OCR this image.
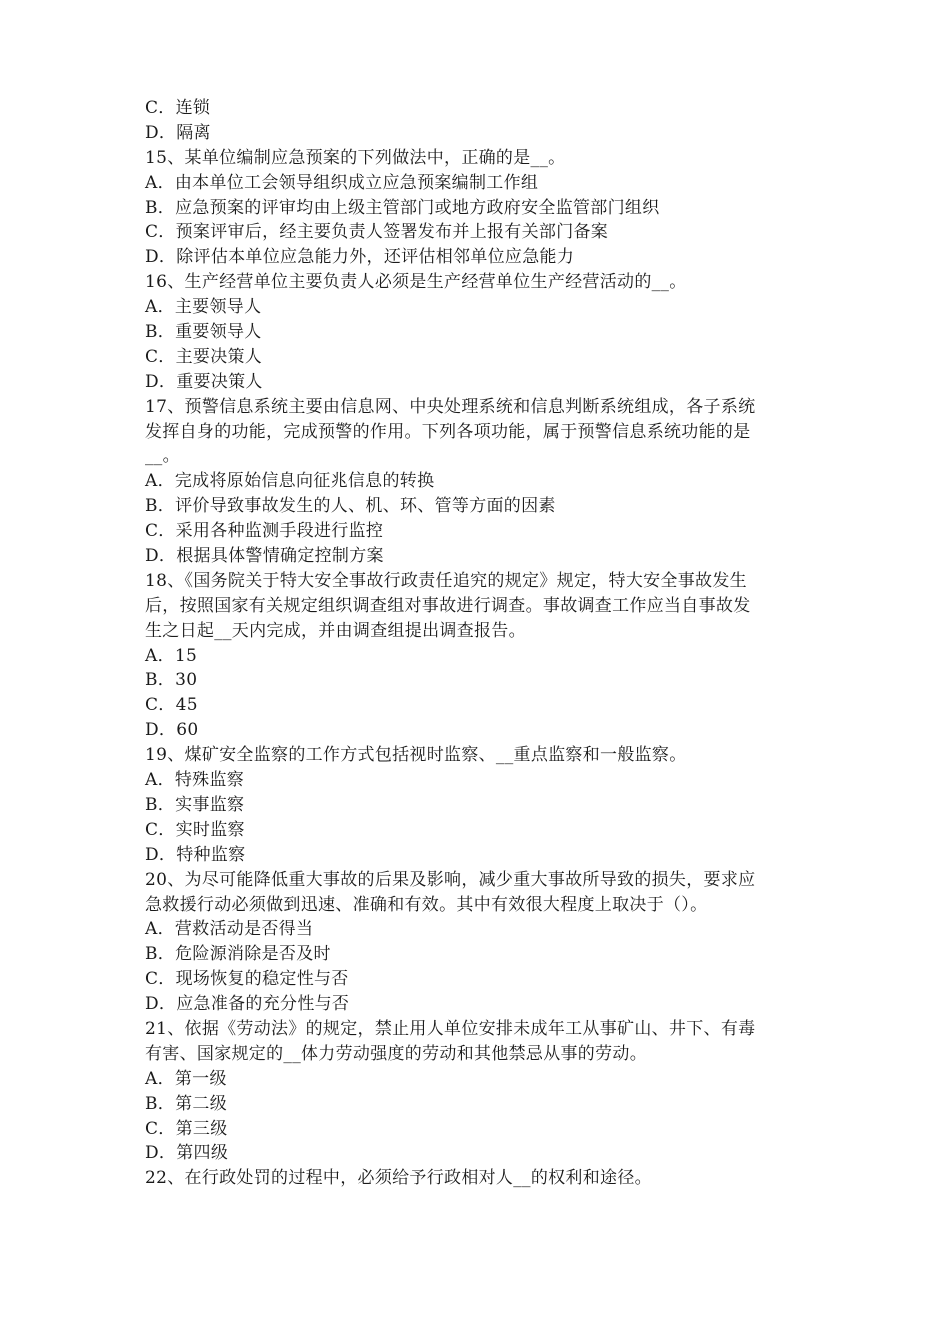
C．连锁
D．隔离
15、某单位编制应急预案的下列做法中，正确的是__。
A．由本单位工会领导组织成立应急预案编制工作组
B．应急预案的评审均由上级主管部门或地方政府安全监管部门组织
C．预案评审后，经主要负责人签署发布并上报有关部门备案
D．除评估本单位应急能力外，还评估相邻单位应急能力
16、生产经营单位主要负责人必须是生产经营单位生产经营活动的__。
A．主要领导人
B．重要领导人
C．主要决策人
D．重要决策人
17、预警信息系统主要由信息网、中央处理系统和信息判断系统组成，各子系统
发挥自身的功能，完成预警的作用。下列各项功能，属于预警信息系统功能的是
__。
A．完成将原始信息向征兆信息的转换
B．评价导致事故发生的人、机、环、管等方面的因素
C．采用各种监测手段进行监控
D．根据具体警情确定控制方案
18、《国务院关于特大安全事故行政责任追究的规定》规定，特大安全事故发生
后，按照国家有关规定组织调查组对事故进行调查。事故调查工作应当自事故发
生之日起__天内完成，并由调查组提出调查报告。
A．15
B．30
C．45
D．60
19、煤矿安全监察的工作方式包括视时监察、__重点监察和一般监察。
A．特殊监察
B．实事监察
C．实时监察
D．特种监察
20、为尽可能降低重大事故的后果及影响，减少重大事故所导致的损失，要求应
急救援行动必须做到迅速、准确和有效。其中有效很大程度上取决于（）。
A．营救活动是否得当
B．危险源消除是否及时
C．现场恢复的稳定性与否
D．应急准备的充分性与否
21、依据《劳动法》的规定，禁止用人单位安排未成年工从事矿山、井下、有毒
有害、国家规定的__体力劳动强度的劳动和其他禁忌从事的劳动。
A．第一级
B．第二级
C．第三级
D．第四级
22、在行政处罚的过程中，必须给予行政相对人__的权利和途径。
